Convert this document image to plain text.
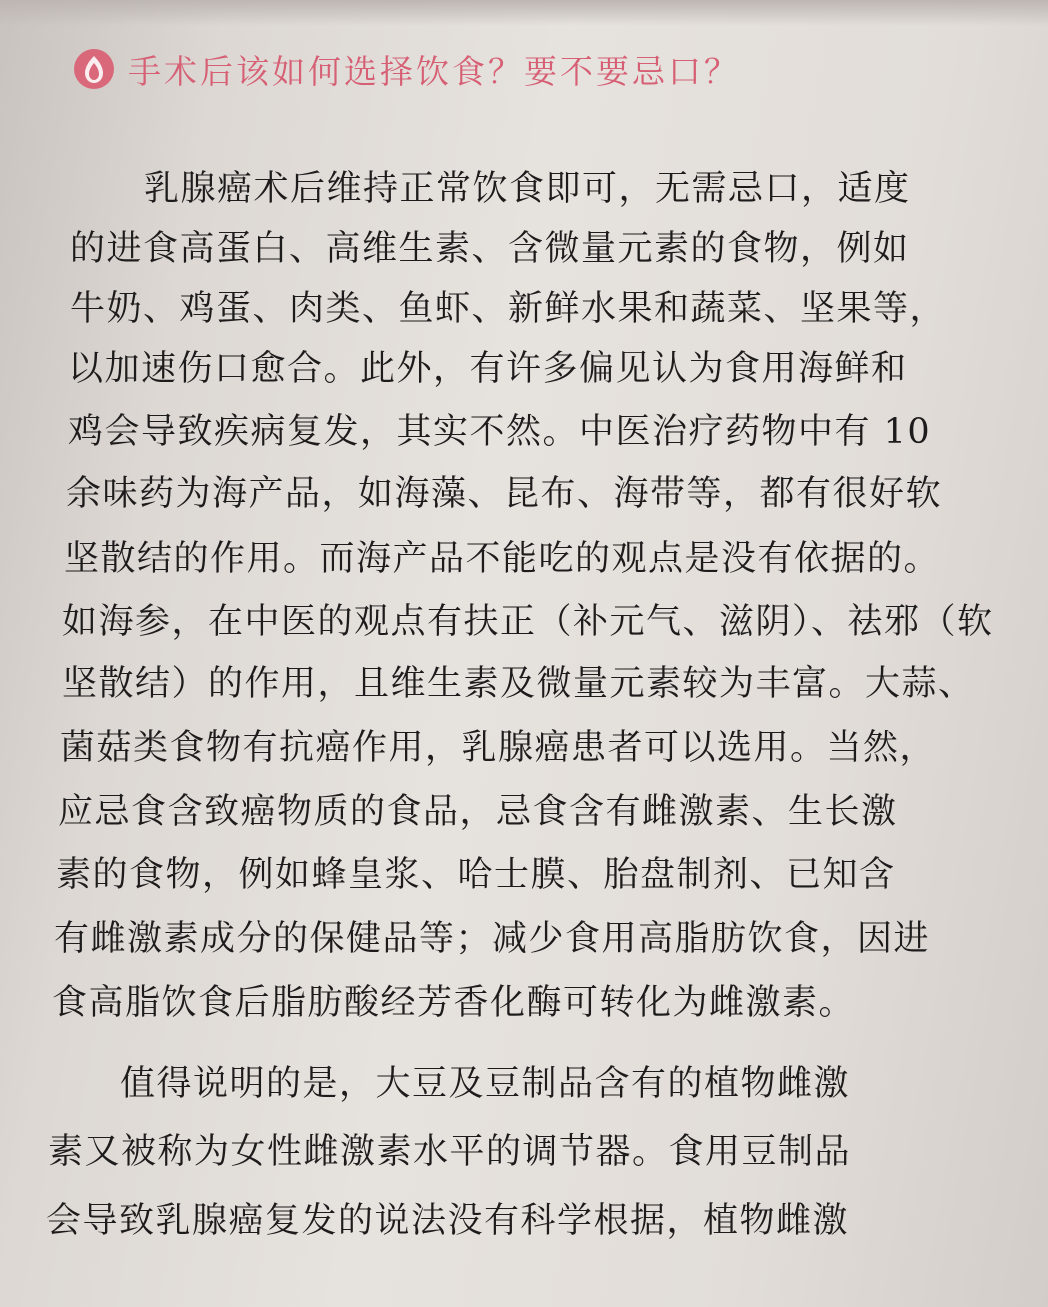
手术后该如何选择饮食？要不要忌口？
乳腺癌术后维持正常饮食即可，无需忌口，适度
的进食高蛋白、高维生素、含微量元素的食物，例如
牛奶、鸡蛋、肉类、鱼虾、新鲜水果和蔬菜、坚果等，
以加速伤口愈合。此外，有许多偏见认为食用海鲜和
鸡会导致疾病复发，其实不然。中医治疗药物中有 10
余味药为海产品，如海藻、昆布、海带等，都有很好软
坚散结的作用。而海产品不能吃的观点是没有依据的。
如海参，在中医的观点有扶正（补元气、滋阴）、祛邪（软
坚散结）的作用，且维生素及微量元素较为丰富。大蒜、
菌菇类食物有抗癌作用，乳腺癌患者可以选用。当然，
应忌食含致癌物质的食品，忌食含有雌激素、生长激
素的食物，例如蜂皇浆、哈士膜、胎盘制剂、已知含
有雌激素成分的保健品等；减少食用高脂肪饮食，因进
食高脂饮食后脂肪酸经芳香化酶可转化为雌激素。
值得说明的是，大豆及豆制品含有的植物雌激
素又被称为女性雌激素水平的调节器。食用豆制品
会导致乳腺癌复发的说法没有科学根据，植物雌激
